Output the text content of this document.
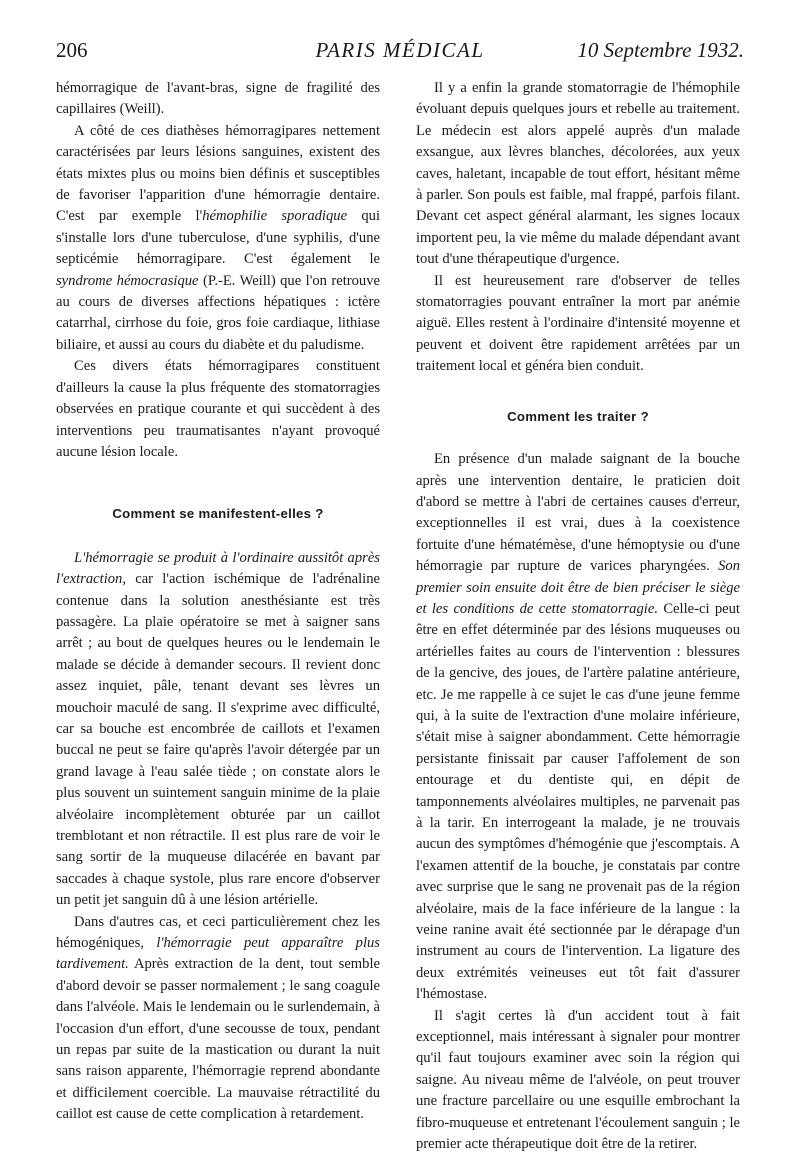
206	PARIS MÉDICAL	10 Septembre 1932.

hémorragique de l'avant-bras, signe de fragilité des capillaires (Weill).

A côté de ces diathèses hémorragipares nettement caractérisées par leurs lésions sanguines, existent des états mixtes plus ou moins bien définis et susceptibles de favoriser l'apparition d'une hémorragie dentaire. C'est par exemple l'hémophilie sporadique qui s'installe lors d'une tuberculose, d'une syphilis, d'une septicémie hémorragipare. C'est également le syndrome hémocrasique (P.-E. Weill) que l'on retrouve au cours de diverses affections hépatiques : ictère catarrhal, cirrhose du foie, gros foie cardiaque, lithiase biliaire, et aussi au cours du diabète et du paludisme.

Ces divers états hémorragipares constituent d'ailleurs la cause la plus fréquente des stomatorragies observées en pratique courante et qui succèdent à des interventions peu traumatisantes n'ayant provoqué aucune lésion locale.

Comment se manifestent-elles ?

L'hémorragie se produit à l'ordinaire aussitôt après l'extraction, car l'action ischémique de l'adrénaline contenue dans la solution anesthésiante est très passagère. La plaie opératoire se met à saigner sans arrêt ; au bout de quelques heures ou le lendemain le malade se décide à demander secours. Il revient donc assez inquiet, pâle, tenant devant ses lèvres un mouchoir maculé de sang. Il s'exprime avec difficulté, car sa bouche est encombrée de caillots et l'examen buccal ne peut se faire qu'après l'avoir détergée par un grand lavage à l'eau salée tiède ; on constate alors le plus souvent un suintement sanguin minime de la plaie alvéolaire incomplètement obturée par un caillot tremblotant et non rétractile. Il est plus rare de voir le sang sortir de la muqueuse dilacérée en bavant par saccades à chaque systole, plus rare encore d'observer un petit jet sanguin dû à une lésion artérielle.

Dans d'autres cas, et ceci particulièrement chez les hémogéniques, l'hémorragie peut apparaître plus tardivement. Après extraction de la dent, tout semble d'abord devoir se passer normalement ; le sang coagule dans l'alvéole. Mais le lendemain ou le surlendemain, à l'occasion d'un effort, d'une secousse de toux, pendant un repas par suite de la mastication ou durant la nuit sans raison apparente, l'hémorragie reprend abondante et difficilement coercible. La mauvaise rétractilité du caillot est cause de cette complication à retardement.

Il y a enfin la grande stomatorragie de l'hémophile évoluant depuis quelques jours et rebelle au traitement. Le médecin est alors appelé auprès d'un malade exsangue, aux lèvres blanches, décolorées, aux yeux caves, haletant, incapable de tout effort, hésitant même à parler. Son pouls est faible, mal frappé, parfois filant. Devant cet aspect général alarmant, les signes locaux importent peu, la vie même du malade dépendant avant tout d'une thérapeutique d'urgence.

Il est heureusement rare d'observer de telles stomatorragies pouvant entraîner la mort par anémie aiguë. Elles restent à l'ordinaire d'intensité moyenne et peuvent et doivent être rapidement arrêtées par un traitement local et généra bien conduit.

Comment les traiter ?

En présence d'un malade saignant de la bouche après une intervention dentaire, le praticien doit d'abord se mettre à l'abri de certaines causes d'erreur, exceptionnelles il est vrai, dues à la coexistence fortuite d'une hématémèse, d'une hémoptysie ou d'une hémorragie par rupture de varices pharyngées. Son premier soin ensuite doit être de bien préciser le siège et les conditions de cette stomatorragie. Celle-ci peut être en effet déterminée par des lésions muqueuses ou artérielles faites au cours de l'intervention : blessures de la gencive, des joues, de l'artère palatine antérieure, etc. Je me rappelle à ce sujet le cas d'une jeune femme qui, à la suite de l'extraction d'une molaire inférieure, s'était mise à saigner abondamment. Cette hémorragie persistante finissait par causer l'affolement de son entourage et du dentiste qui, en dépit de tamponnements alvéolaires multiples, ne parvenait pas à la tarir. En interrogeant la malade, je ne trouvais aucun des symptômes d'hémogénie que j'escomptais. A l'examen attentif de la bouche, je constatais par contre avec surprise que le sang ne provenait pas de la région alvéolaire, mais de la face inférieure de la langue : la veine ranine avait été sectionnée par le dérapage d'un instrument au cours de l'intervention. La ligature des deux extrémités veineuses eut tôt fait d'assurer l'hémostase.

Il s'agit certes là d'un accident tout à fait exceptionnel, mais intéressant à signaler pour montrer qu'il faut toujours examiner avec soin la région qui saigne. Au niveau même de l'alvéole, on peut trouver une fracture parcellaire ou une esquille embrochant la fibro-muqueuse et entretenant l'écoulement sanguin ; le premier acte thérapeutique doit être de la retirer.
